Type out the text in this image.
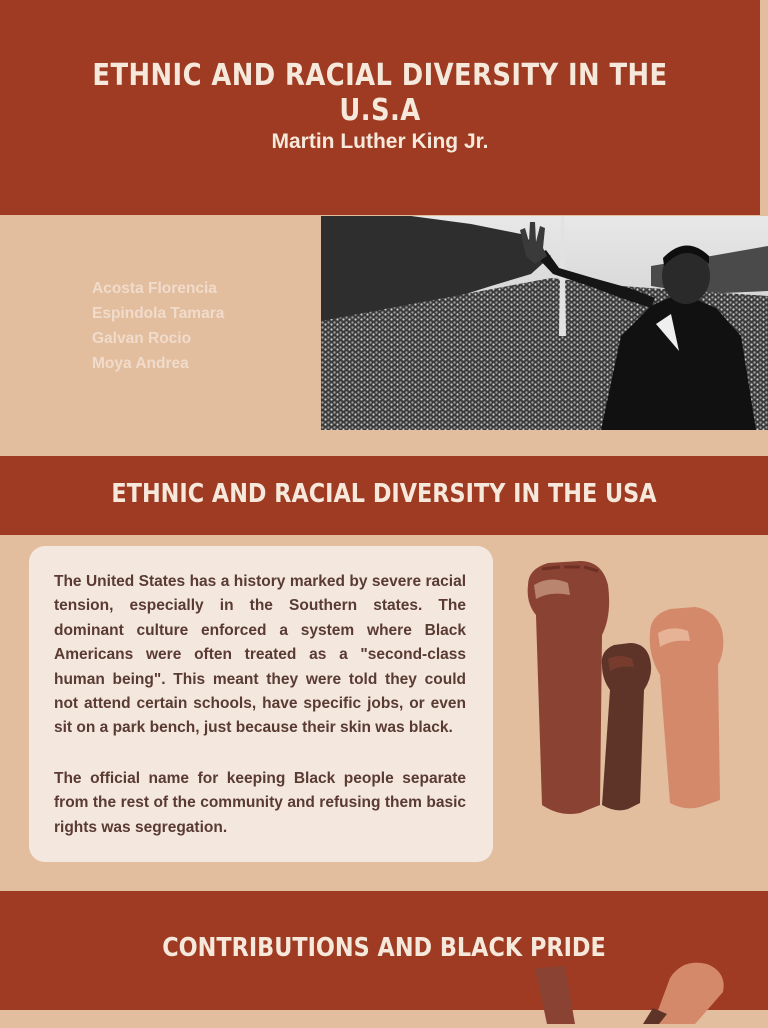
ETHNIC AND RACIAL DIVERSITY IN THE U.S.A
Martin Luther King Jr.
Acosta Florencia
Espindola Tamara
Galvan Rocio
Moya Andrea
ETHNIC AND RACIAL DIVERSITY IN THE USA

The United States has a history marked by severe racial tension, especially in the Southern states. The dominant culture enforced a system where Black Americans were often treated as a "second-class human being". This meant they were told they could not attend certain schools, have specific jobs, or even sit on a park bench, just because their skin was black.

The official name for keeping Black people separate from the rest of the community and refusing them basic rights was segregation.

CONTRIBUTIONS AND BLACK PRIDE
